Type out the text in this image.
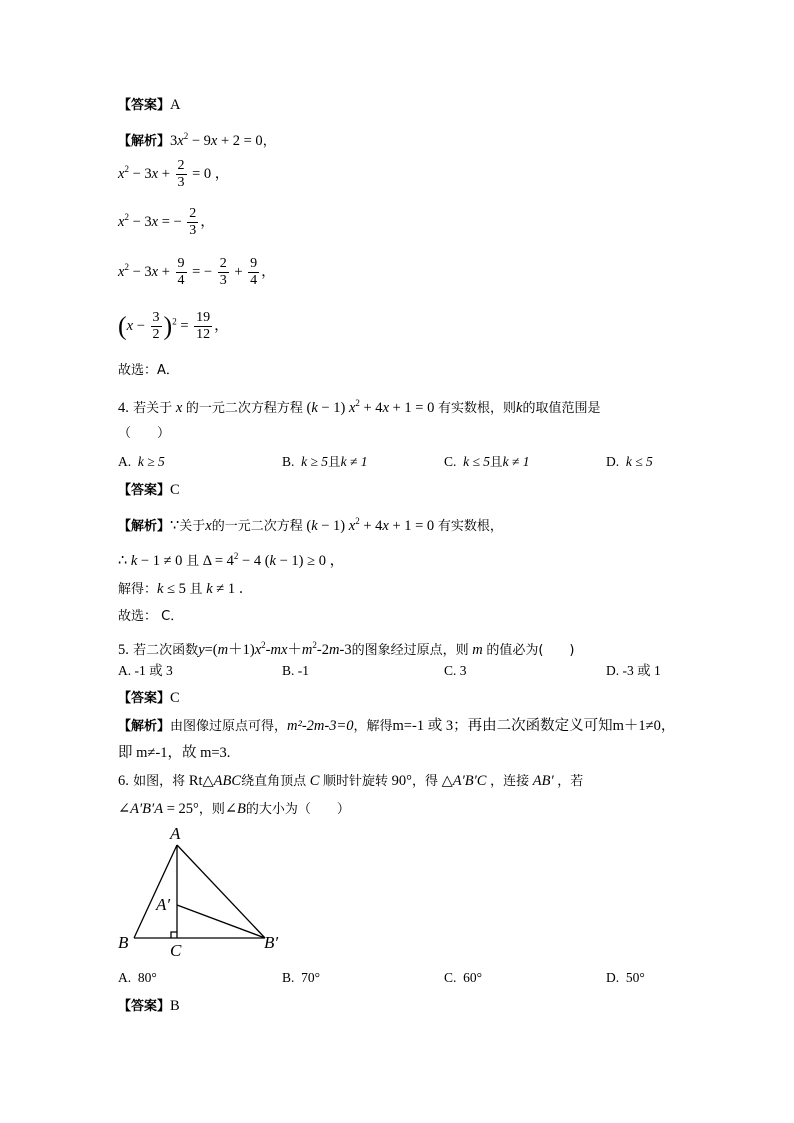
【答案】A
【解析】$3x^2 - 9x + 2 = 0$，
$x^2 - 3x + \frac{2}{3} = 0$ ，
$x^2 - 3x$ = − $\frac{2}{3}$ ，
$x^2 - 3x + \frac{9}{4}$ = − $\frac{2}{3} + \frac{9}{4}$ ，
$(x - \frac{3}{2} )^2 = \frac{19}{12}$ ，
故选：A．
4. 若关于 x 的一元二次方程方程 (k − 1) $x^2 + 4x + 1 = 0$ 有实数根，则k的取值范围是
（　　）
A. k ≥ 5	B. k ≥ 5且k ≠ 1	C. k ≤ 5且k ≠ 1	D. k ≤ 5
【答案】C
【解析】∵关于x的一元二次方程 (k − 1) $x^2 + 4x + 1 = 0$ 有实数根，
∴ k − 1 ≠ 0 且 $\Delta = 4^2 - 4$ (k − 1) ≥ 0 ，
解得：k ≤ 5 且 k ≠ 1 ．
故选： C．
5. 若二次函数$y=(m+1)x^2-mx+m^2-2m-3$的图象经过原点，则 m 的值必为(　　)
A. -1 或 3	B. -1	C. 3	D. -3 或 1
【答案】C
【解析】由图像过原点可得，m²-2m-3=0，解得m=-1 或 3；再由二次函数定义可知m＋1≠0，
即 m≠-1，故 m=3.
6. 如图，将 Rt△ABC绕直角顶点 C 顺时针旋转 90°，得 △A′B′C ，连接 AB′ ，若
∠A′B′A = 25°，则∠B的大小为（　　）
A
A′
B C	B′
A. 80°	B. 70°	C. 60°	D. 50°
【答案】B
